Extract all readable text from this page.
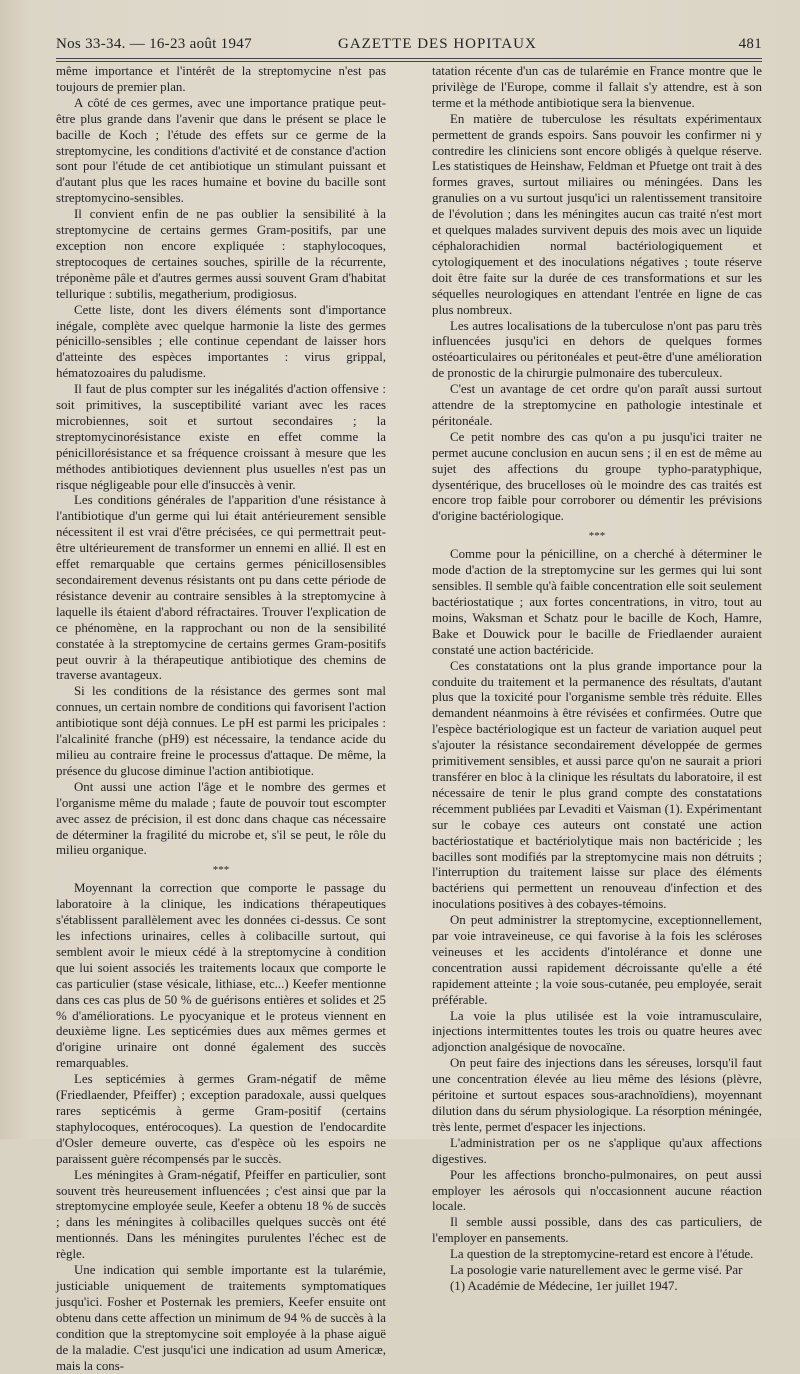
Nos 33-34. — 16-23 août 1947	GAZETTE DES HOPITAUX	481

même importance et l'intérêt de la streptomycine n'est pas toujours de premier plan.

A côté de ces germes, avec une importance pratique peut-être plus grande dans l'avenir que dans le présent se place le bacille de Koch ; l'étude des effets sur ce germe de la streptomycine, les conditions d'activité et de constance d'action sont pour l'étude de cet antibiotique un stimulant puissant et d'autant plus que les races humaine et bovine du bacille sont streptomycino-sensibles.

Il convient enfin de ne pas oublier la sensibilité à la streptomycine de certains germes Gram-positifs, par une exception non encore expliquée : staphylocoques, streptocoques de certaines souches, spirille de la récurrente, tréponème pâle et d'autres germes aussi souvent Gram d'habitat tellurique : subtilis, megatherium, prodigiosus.

Cette liste, dont les divers éléments sont d'importance inégale, complète avec quelque harmonie la liste des germes pénicillo-sensibles ; elle continue cependant de laisser hors d'atteinte des espèces importantes : virus grippal, hématozoaires du paludisme.

Il faut de plus compter sur les inégalités d'action offensive : soit primitives, la susceptibilité variant avec les races microbiennes, soit et surtout secondaires ; la streptomycinorésistance existe en effet comme la pénicillorésistance et sa fréquence croissant à mesure que les méthodes antibiotiques deviennent plus usuelles n'est pas un risque négligeable pour elle d'insuccès à venir.

Les conditions générales de l'apparition d'une résistance à l'antibiotique d'un germe qui lui était antérieurement sensible nécessitent il est vrai d'être précisées, ce qui permettrait peut-être ultérieurement de transformer un ennemi en allié. Il est en effet remarquable que certains germes pénicillosensibles secondairement devenus résistants ont pu dans cette période de résistance devenir au contraire sensibles à la streptomycine à laquelle ils étaient d'abord réfractaires. Trouver l'explication de ce phénomène, en la rapprochant ou non de la sensibilité constatée à la streptomycine de certains germes Gram-positifs peut ouvrir à la thérapeutique antibiotique des chemins de traverse avantageux.

Si les conditions de la résistance des germes sont mal connues, un certain nombre de conditions qui favorisent l'action antibiotique sont déjà connues. Le pH est parmi les pricipales : l'alcalinité franche (pH9) est nécessaire, la tendance acide du milieu au contraire freine le processus d'attaque. De même, la présence du glucose diminue l'action antibiotique.

Ont aussi une action l'âge et le nombre des germes et l'organisme même du malade ; faute de pouvoir tout escompter avec assez de précision, il est donc dans chaque cas nécessaire de déterminer la fragilité du microbe et, s'il se peut, le rôle du milieu organique.

***

Moyennant la correction que comporte le passage du laboratoire à la clinique, les indications thérapeutiques s'établissent parallèlement avec les données ci-dessus. Ce sont les infections urinaires, celles à colibacille surtout, qui semblent avoir le mieux cédé à la streptomycine à condition que lui soient associés les traitements locaux que comporte le cas particulier (stase vésicale, lithiase, etc...) Keefer mentionne dans ces cas plus de 50 % de guérisons entières et solides et 25 % d'améliorations. Le pyocyanique et le proteus viennent en deuxième ligne. Les septicémies dues aux mêmes germes et d'origine urinaire ont donné également des succès remarquables.

Les septicémies à germes Gram-négatif de même (Friedlaender, Pfeiffer) ; exception paradoxale, aussi quelques rares septicémis à germe Gram-positif (certains staphylocoques, entérocoques). La question de l'endocardite d'Osler demeure ouverte, cas d'espèce où les espoirs ne paraissent guère récompensés par le succès.

Les méningites à Gram-négatif, Pfeiffer en particulier, sont souvent très heureusement influencées ; c'est ainsi que par la streptomycine employée seule, Keefer a obtenu 18 % de succès ; dans les méningites à colibacilles quelques succès ont été mentionnés. Dans les méningites purulentes l'échec est de règle.

Une indication qui semble importante est la tularémie, justiciable uniquement de traitements symptomatiques jusqu'ici. Fosher et Posternak les premiers, Keefer ensuite ont obtenu dans cette affection un minimum de 94 % de succès à la condition que la streptomycine soit employée à la phase aiguë de la maladie. C'est jusqu'ici une indication ad usum Americæ, mais la cons-

tatation récente d'un cas de tularémie en France montre que le privilège de l'Europe, comme il fallait s'y attendre, est à son terme et la méthode antibiotique sera la bienvenue.

En matière de tuberculose les résultats expérimentaux permettent de grands espoirs. Sans pouvoir les confirmer ni y contredire les cliniciens sont encore obligés à quelque réserve. Les statistiques de Heinshaw, Feldman et Pfuetge ont trait à des formes graves, surtout miliaires ou méningées. Dans les granulies on a vu surtout jusqu'ici un ralentissement transitoire de l'évolution ; dans les méningites aucun cas traité n'est mort et quelques malades survivent depuis des mois avec un liquide céphalorachidien normal bactériologiquement et cytologiquement et des inoculations négatives ; toute réserve doit être faite sur la durée de ces transformations et sur les séquelles neurologiques en attendant l'entrée en ligne de cas plus nombreux.

Les autres localisations de la tuberculose n'ont pas paru très influencées jusqu'ici en dehors de quelques formes ostéoarticulaires ou péritonéales et peut-être d'une amélioration de pronostic de la chirurgie pulmonaire des tuberculeux.

C'est un avantage de cet ordre qu'on paraît aussi surtout attendre de la streptomycine en pathologie intestinale et péritonéale.

Ce petit nombre des cas qu'on a pu jusqu'ici traiter ne permet aucune conclusion en aucun sens ; il en est de même au sujet des affections du groupe typho-paratyphique, dysentérique, des brucelloses où le moindre des cas traités est encore trop faible pour corroborer ou démentir les prévisions d'origine bactériologique.

***

Comme pour la pénicilline, on a cherché à déterminer le mode d'action de la streptomycine sur les germes qui lui sont sensibles. Il semble qu'à faible concentration elle soit seulement bactériostatique ; aux fortes concentrations, in vitro, tout au moins, Waksman et Schatz pour le bacille de Koch, Hamre, Bake et Douwick pour le bacille de Friedlaender auraient constaté une action bactéricide.

Ces constatations ont la plus grande importance pour la conduite du traitement et la permanence des résultats, d'autant plus que la toxicité pour l'organisme semble très réduite. Elles demandent néanmoins à être révisées et confirmées. Outre que l'espèce bactériologique est un facteur de variation auquel peut s'ajouter la résistance secondairement développée de germes primitivement sensibles, et aussi parce qu'on ne saurait a priori transférer en bloc à la clinique les résultats du laboratoire, il est nécessaire de tenir le plus grand compte des constatations récemment publiées par Levaditi et Vaisman (1). Expérimentant sur le cobaye ces auteurs ont constaté une action bactériostatique et bactériolytique mais non bactéricide ; les bacilles sont modifiés par la streptomycine mais non détruits ; l'interruption du traitement laisse sur place des éléments bactériens qui permettent un renouveau d'infection et des inoculations positives à des cobayes-témoins.

On peut administrer la streptomycine, exceptionnellement, par voie intraveineuse, ce qui favorise à la fois les scléroses veineuses et les accidents d'intolérance et donne une concentration aussi rapidement décroissante qu'elle a été rapidement atteinte ; la voie sous-cutanée, peu employée, serait préférable.

La voie la plus utilisée est la voie intramusculaire, injections intermittentes toutes les trois ou quatre heures avec adjonction analgésique de novocaïne.

On peut faire des injections dans les séreuses, lorsqu'il faut une concentration élevée au lieu même des lésions (plèvre, péritoine et surtout espaces sous-arachnoïdiens), moyennant dilution dans du sérum physiologique. La résorption méningée, très lente, permet d'espacer les injections.

L'administration per os ne s'applique qu'aux affections digestives.

Pour les affections broncho-pulmonaires, on peut aussi employer les aérosols qui n'occasionnent aucune réaction locale.

Il semble aussi possible, dans des cas particuliers, de l'employer en pansements.

La question de la streptomycine-retard est encore à l'étude.

La posologie varie naturellement avec le germe visé. Par

(1) Académie de Médecine, 1er juillet 1947.
